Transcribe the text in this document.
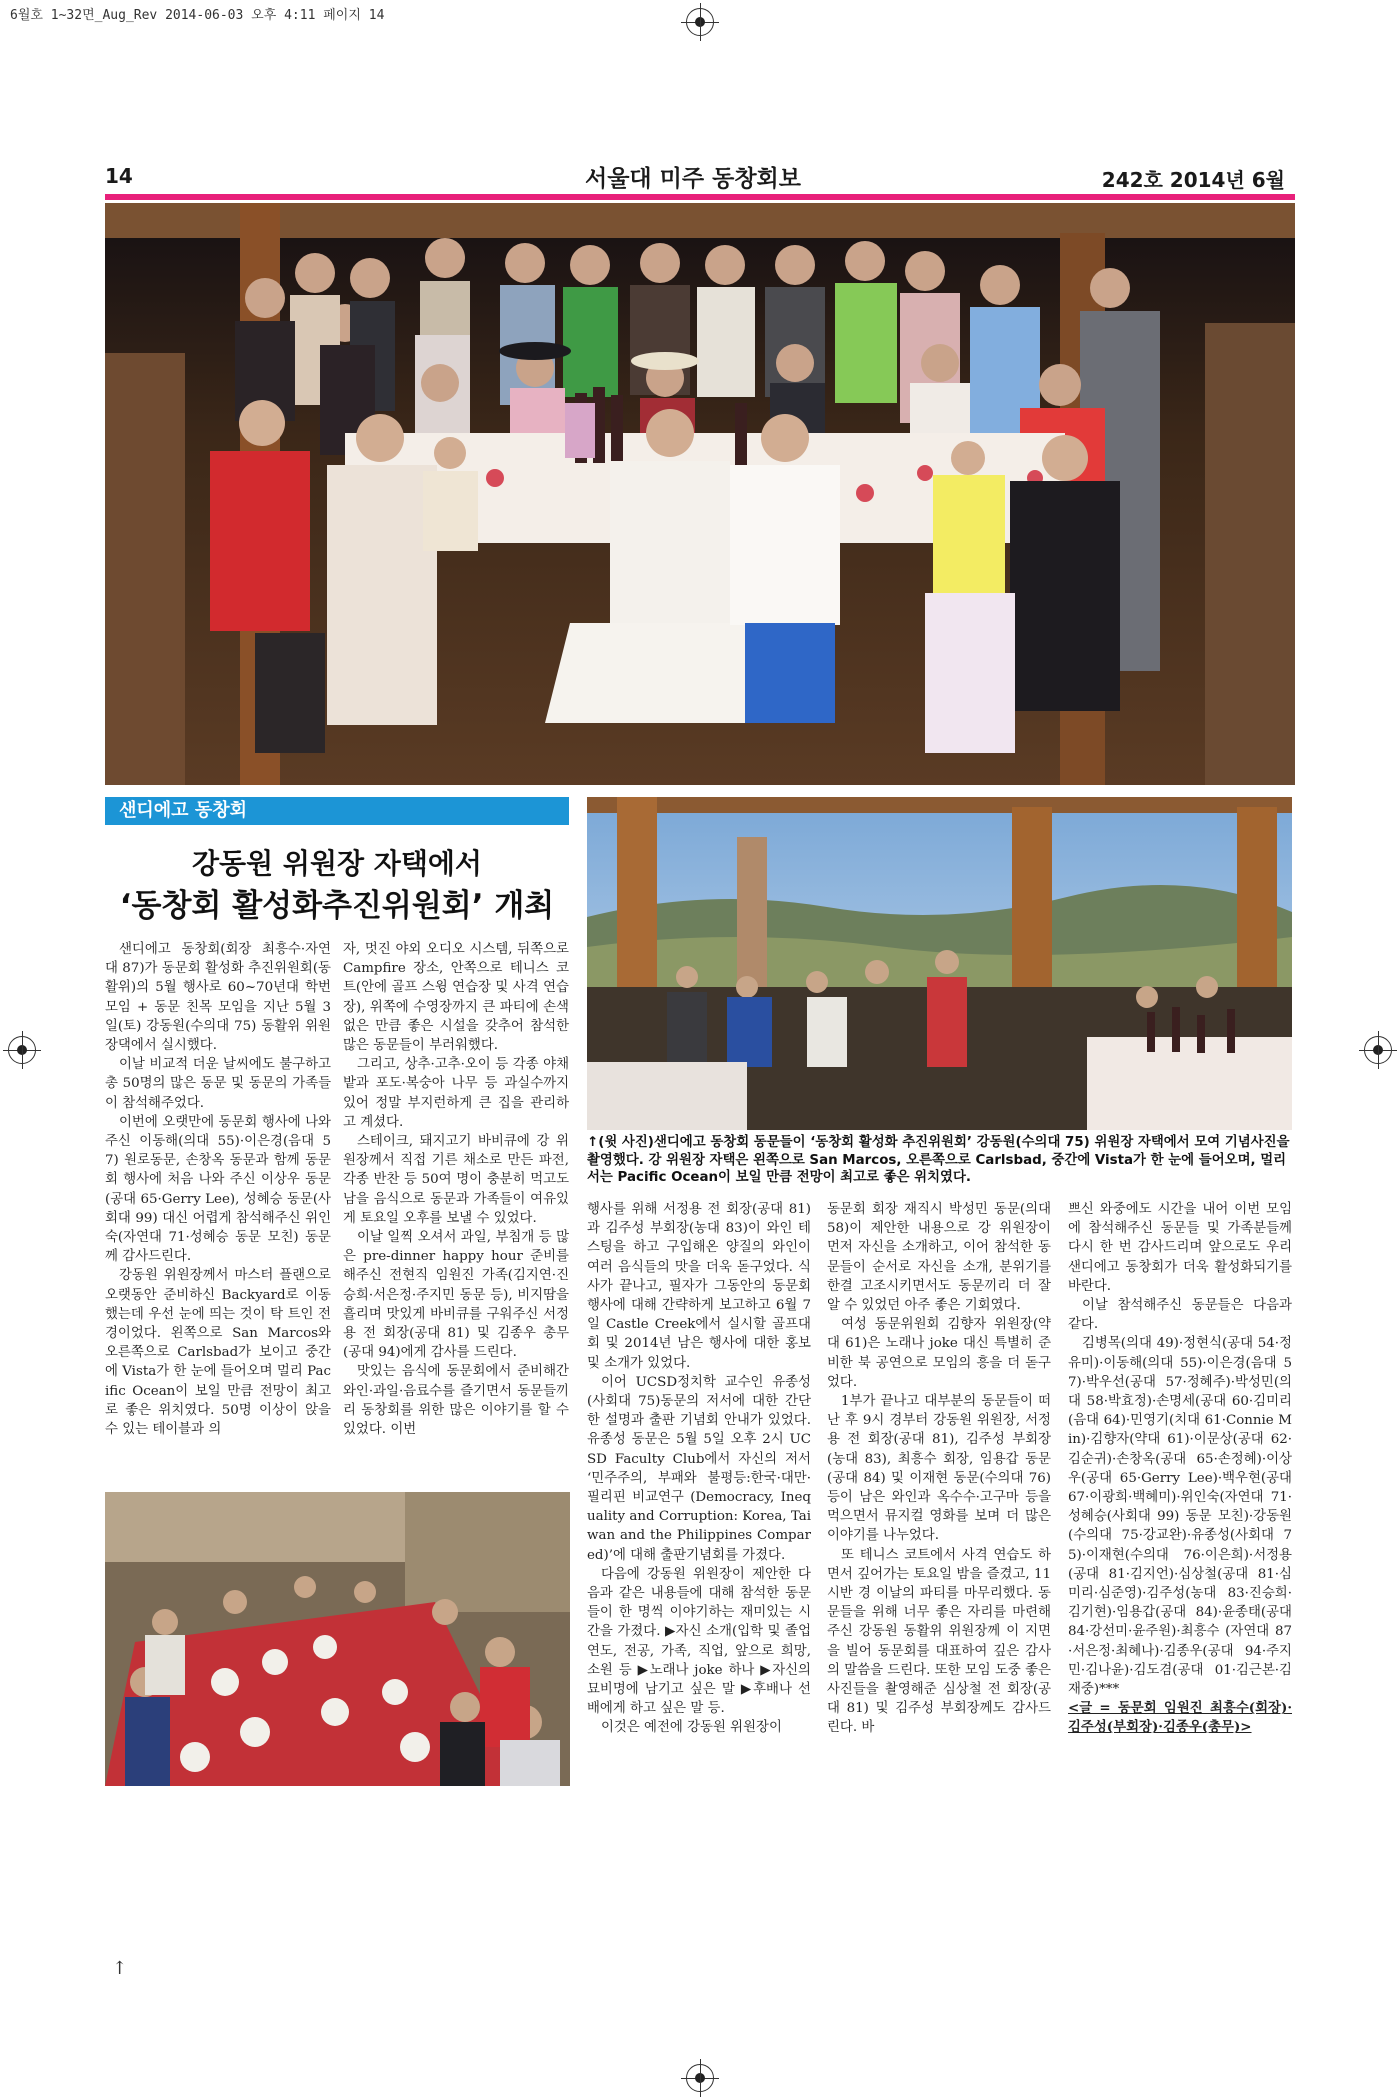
6월호 1~32면_Aug_Rev 2014-06-03 오후 4:11 페이지 14
14	서울대 미주 동창회보	242호 2014년 6월
샌디에고 동창회
강동원 위원장 자택에서
‘동창회 활성화추진위원회’ 개최
↑(윗 사진)샌디에고 동창회 동문들이 ‘동창회 활성화 추진위원회’ 강동원(수의대 75) 위원장 자택에서 모여 기념사진을 촬영했다. 강 위원장 자택은 왼쪽으로 San Marcos, 오른쪽으로 Carlsbad, 중간에 Vista가 한 눈에 들어오며, 멀리서는 Pacific Ocean이 보일 만큼 전망이 최고로 좋은 위치였다.

샌디에고 동창회(회장 최흥수·자연대 87)가 동문회 활성화 추진위원회(동활위)의 5월 행사로 60~70년대 학번 모임 + 동문 친목 모임을 지난 5월 3일(토) 강동원(수의대 75) 동활위 위원장댁에서 실시했다.

이날 비교적 더운 날씨에도 불구하고 총 50명의 많은 동문 및 동문의 가족들이 참석해주었다.

이번에 오랫만에 동문회 행사에 나와 주신 이동해(의대 55)·이은경(음대 57) 원로동문, 손창옥 동문과 함께 동문회 행사에 처음 나와 주신 이상우 동문(공대 65·Gerry Lee), 성혜승 동문(사회대 99) 대신 어렵게 참석해주신 위인숙(자연대 71·성혜승 동문 모친) 동문께 감사드린다.

강동원 위원장께서 마스터 플랜으로 오랫동안 준비하신 Backyard로 이동했는데 우선 눈에 띄는 것이 탁 트인 전경이었다. 왼쪽으로 San Marcos와 오른쪽으로 Carlsbad가 보이고 중간에 Vista가 한 눈에 들어오며 멀리 Pacific Ocean이 보일 만큼 전망이 최고로 좋은 위치였다. 50명 이상이 앉을 수 있는 테이블과 의

자, 멋진 야외 오디오 시스템, 뒤쪽으로 Campfire 장소, 안쪽으로 테니스 코트(안에 골프 스윙 연습장 및 사격 연습장), 위쪽에 수영장까지 큰 파티에 손색없은 만큼 좋은 시설을 갖추어 참석한 많은 동문들이 부러워했다.

그리고, 상추·고추·오이 등 각종 야채밭과 포도·복숭아 나무 등 과실수까지 있어 정말 부지런하게 큰 집을 관리하고 계셨다.

스테이크, 돼지고기 바비큐에 강 위원장께서 직접 기른 채소로 만든 파전, 각종 반찬 등 50여 명이 충분히 먹고도 남을 음식으로 동문과 가족들이 여유있게 토요일 오후를 보낼 수 있었다.

이날 일찍 오셔서 과일, 부침개 등 많은 pre-dinner happy hour 준비를 해주신 전현직 임원진 가족(김지연·진승희·서은정·주지민 동문 등), 비지땀을 흘리며 맛있게 바비큐를 구워주신 서정용 전 회장(공대 81) 및 김종우 총무(공대 94)에게 감사를 드린다.

맛있는 음식에 동문회에서 준비해간 와인·과일·음료수를 즐기면서 동문들끼리 동창회를 위한 많은 이야기를 할 수 있었다. 이번

행사를 위해 서정용 전 회장(공대 81)과 김주성 부회장(농대 83)이 와인 테스팅을 하고 구입해온 양질의 와인이 여러 음식들의 맛을 더욱 돋구었다. 식사가 끝나고, 필자가 그동안의 동문회 행사에 대해 간략하게 보고하고 6월 7일 Castle Creek에서 실시할 골프대회 및 2014년 남은 행사에 대한 홍보 및 소개가 있었다.

이어 UCSD정치학 교수인 유종성(사회대 75)동문의 저서에 대한 간단한 설명과 출판 기념회 안내가 있었다. 유종성 동문은 5월 5일 오후 2시 UCSD Faculty Club에서 자신의 저서 ‘민주주의, 부패와 불평등:한국·대만·필리핀 비교연구 (Democracy, Inequality and Corruption: Korea, Taiwan and the Philippines Compared)’에 대해 출판기념회를 가졌다.

다음에 강동원 위원장이 제안한 다음과 같은 내용들에 대해 참석한 동문들이 한 명씩 이야기하는 재미있는 시간을 가졌다. ▶자신 소개(입학 및 졸업연도, 전공, 가족, 직업, 앞으로 희망, 소원 등 ▶노래나 joke 하나 ▶자신의 묘비명에 남기고 싶은 말 ▶후배나 선배에게 하고 싶은 말 등.

이것은 예전에 강동원 위원장이

동문회 회장 재직시 박성민 동문(의대 58)이 제안한 내용으로 강 위원장이 먼저 자신을 소개하고, 이어 참석한 동문들이 순서로 자신을 소개, 분위기를 한결 고조시키면서도 동문끼리 더 잘 알 수 있었던 아주 좋은 기회였다.

여성 동문위원회 김향자 위원장(약대 61)은 노래나 joke 대신 특별히 준비한 북 공연으로 모임의 흥을 더 돋구었다.

1부가 끝나고 대부분의 동문들이 떠난 후 9시 경부터 강동원 위원장, 서정용 전 회장(공대 81), 김주성 부회장(농대 83), 최흥수 회장, 임용갑 동문(공대 84) 및 이재현 동문(수의대 76) 등이 남은 와인과 옥수수·고구마 등을 먹으면서 뮤지컬 영화를 보며 더 많은 이야기를 나누었다.

또 테니스 코트에서 사격 연습도 하면서 깊어가는 토요일 밤을 즐겼고, 11시반 경 이날의 파티를 마무리했다. 동문들을 위해 너무 좋은 자리를 마련해 주신 강동원 동활위 위원장께 이 지면을 빌어 동문회를 대표하여 깊은 감사의 말씀을 드린다. 또한 모임 도중 좋은 사진들을 촬영해준 심상철 전 회장(공대 81) 및 김주성 부회장께도 감사드린다. 바

쁘신 와중에도 시간을 내어 이번 모임에 참석해주신 동문들 및 가족분들께 다시 한 번 감사드리며 앞으로도 우리 샌디에고 동창회가 더욱 활성화되기를 바란다.

이날 참석해주신 동문들은 다음과 같다.

김병목(의대 49)·정현식(공대 54·정유미)·이동해(의대 55)·이은경(음대 57)·박우선(공대 57·정혜주)·박성민(의대 58·박효정)·손명세(공대 60·김미리(음대 64)·민영기(치대 61·Connie Min)·김향자(약대 61)·이문상(공대 62·김순귀)·손창옥(공대 65·손정혜)·이상우(공대 65·Gerry Lee)·백우현(공대 67·이광희·백혜미)·위인숙(자연대 71·성혜승(사회대 99) 동문 모친)·강동원(수의대 75·강교완)·유종성(사회대 75)·이재현(수의대 76·이은희)·서정용(공대 81·김지언)·심상철(공대 81·심미리·심준영)·김주성(농대 83·진승희·김기현)·임용갑(공대 84)·윤종태(공대 84·강선미·윤주원)·최흥수 (자연대 87·서은정·최혜나)·김종우(공대 94·주지민·김나윤)·김도겸(공대 01·김근본·김재중)***

<글 = 동문회 임원진 최흥수(회장)·김주성(부회장)·김종우(총무)>

↑
